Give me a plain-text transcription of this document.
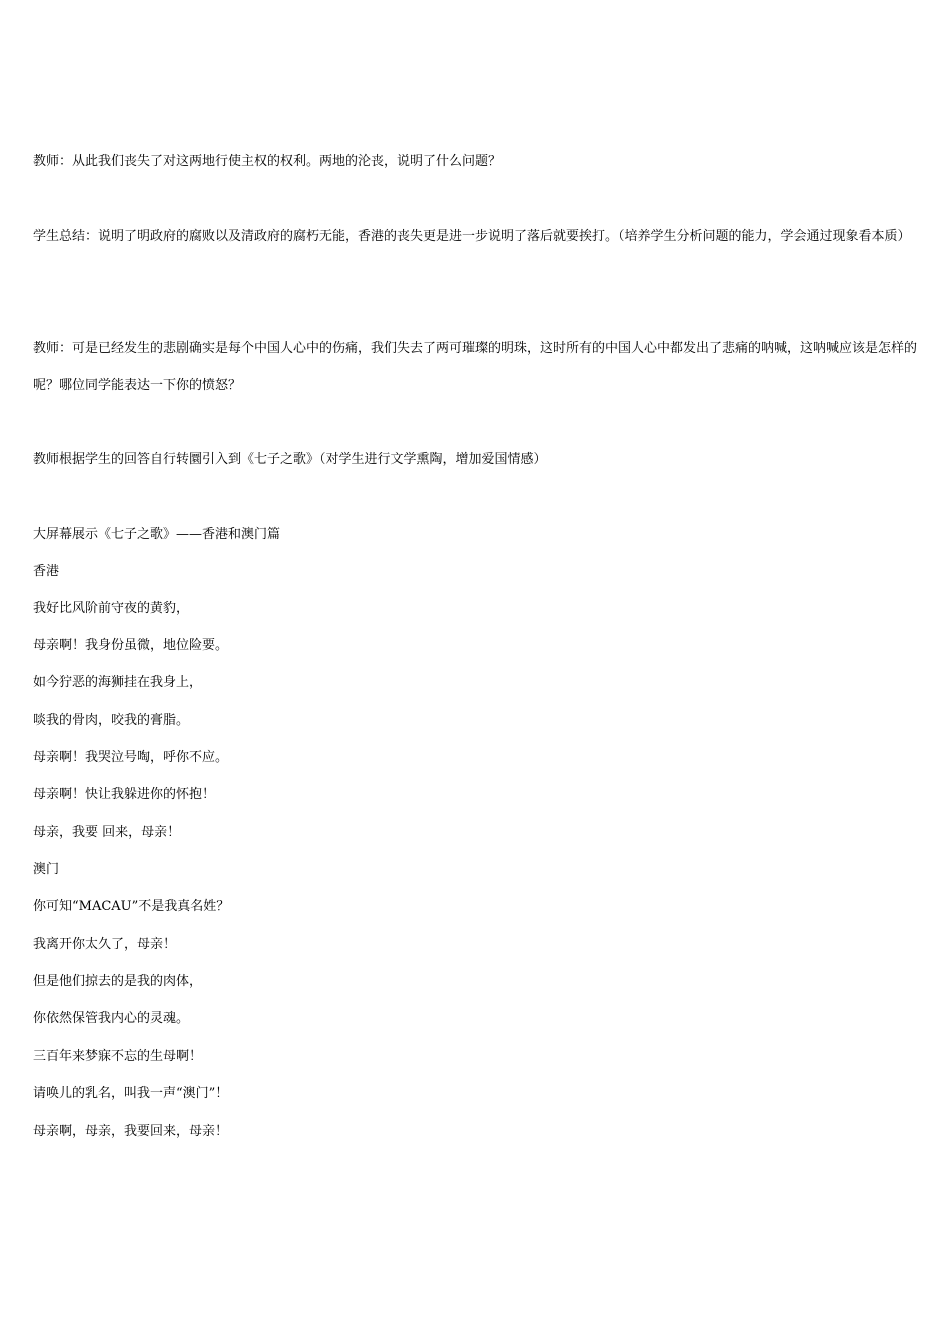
教师：从此我们丧失了对这两地行使主权的权利。两地的沦丧，说明了什么问题？

学生总结：说明了明政府的腐败以及清政府的腐朽无能，香港的丧失更是进一步说明了落后就要挨打。（培养学生分析问题的能力，学会通过现象看本质）

教师：可是已经发生的悲剧确实是每个中国人心中的伤痛，我们失去了两可璀璨的明珠，这时所有的中国人心中都发出了悲痛的呐喊，这呐喊应该是怎样的呢？哪位同学能表达一下你的愤怒？

教师根据学生的回答自行转圜引入到《七子之歌》（对学生进行文学熏陶，增加爱国情感）

大屏幕展示《七子之歌》——香港和澳门篇

香港

我好比风阶前守夜的黄豹，

母亲啊！我身份虽微，地位险要。

如今狞恶的海狮挂在我身上，

啖我的骨肉，咬我的膏脂。

母亲啊！我哭泣号啕，呼你不应。

母亲啊！快让我躲进你的怀抱！

母亲，我要 回来，母亲！

澳门

你可知“MACAU”不是我真名姓？

我离开你太久了，母亲！

但是他们掠去的是我的肉体，

你依然保管我内心的灵魂。

三百年来梦寐不忘的生母啊！

请唤儿的乳名，叫我一声“澳门”！

母亲啊，母亲，我要回来，母亲！
